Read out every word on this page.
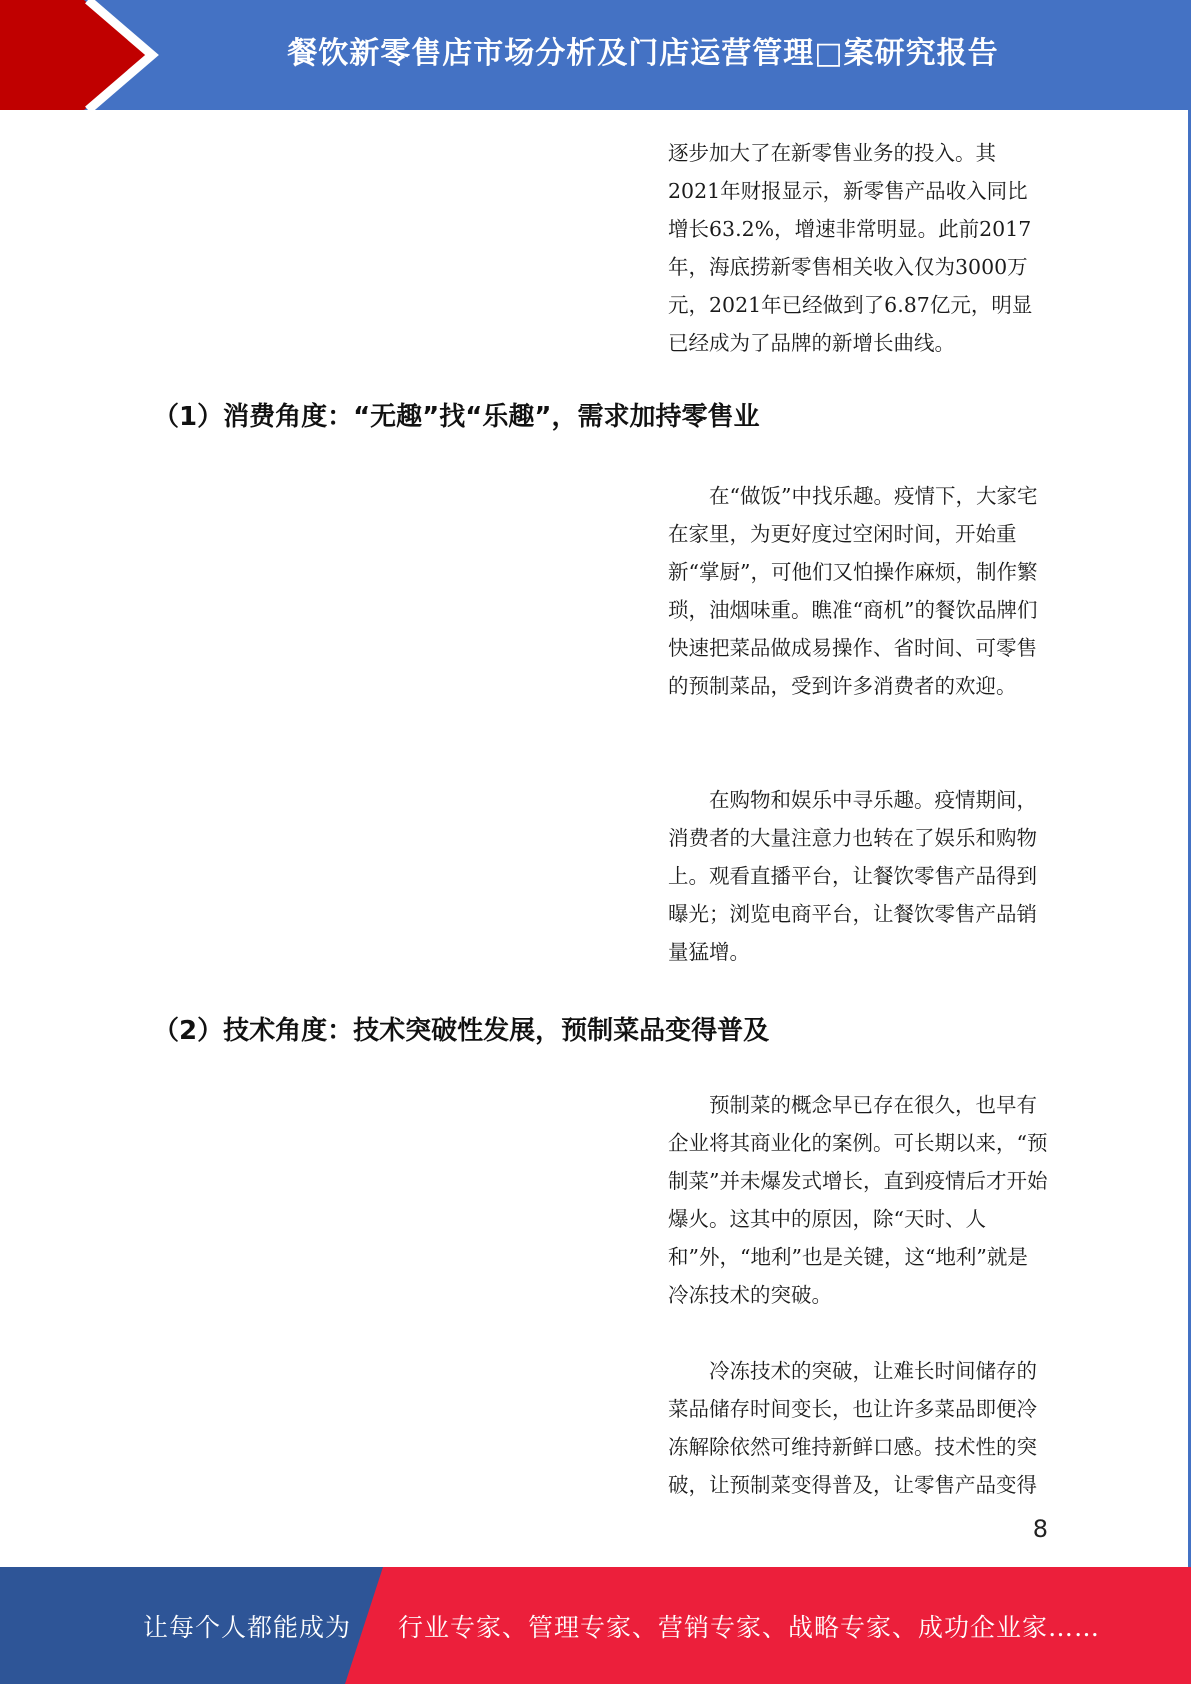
餐饮新零售店市场分析及门店运营管理□案研究报告

逐步加大了在新零售业务的投入。其2021年财报显示，新零售产品收入同比增长63.2%，增速非常明显。此前2017年，海底捞新零售相关收入仅为3000万元，2021年已经做到了6.87亿元，明显已经成为了品牌的新增长曲线。

（1）消费角度：“无趣”找“乐趣”，需求加持零售业

在“做饭”中找乐趣。疫情下，大家宅在家里，为更好度过空闲时间，开始重新“掌厨”，可他们又怕操作麻烦，制作繁琐，油烟味重。瞧准“商机”的餐饮品牌们快速把菜品做成易操作、省时间、可零售的预制菜品，受到许多消费者的欢迎。

在购物和娱乐中寻乐趣。疫情期间，消费者的大量注意力也转在了娱乐和购物上。观看直播平台，让餐饮零售产品得到曝光；浏览电商平台，让餐饮零售产品销量猛增。

（2）技术角度：技术突破性发展，预制菜品变得普及

预制菜的概念早已存在很久，也早有企业将其商业化的案例。可长期以来，“预制菜”并未爆发式增长，直到疫情后才开始爆火。这其中的原因，除“天时、人和”外，“地利”也是关键，这“地利”就是冷冻技术的突破。

冷冻技术的突破，让难长时间储存的菜品储存时间变长，也让许多菜品即便冷冻解除依然可维持新鲜口感。技术性的突破，让预制菜变得普及，让零售产品变得

8
让每个人都能成为 行业专家、管理专家、营销专家、战略专家、成功企业家……
